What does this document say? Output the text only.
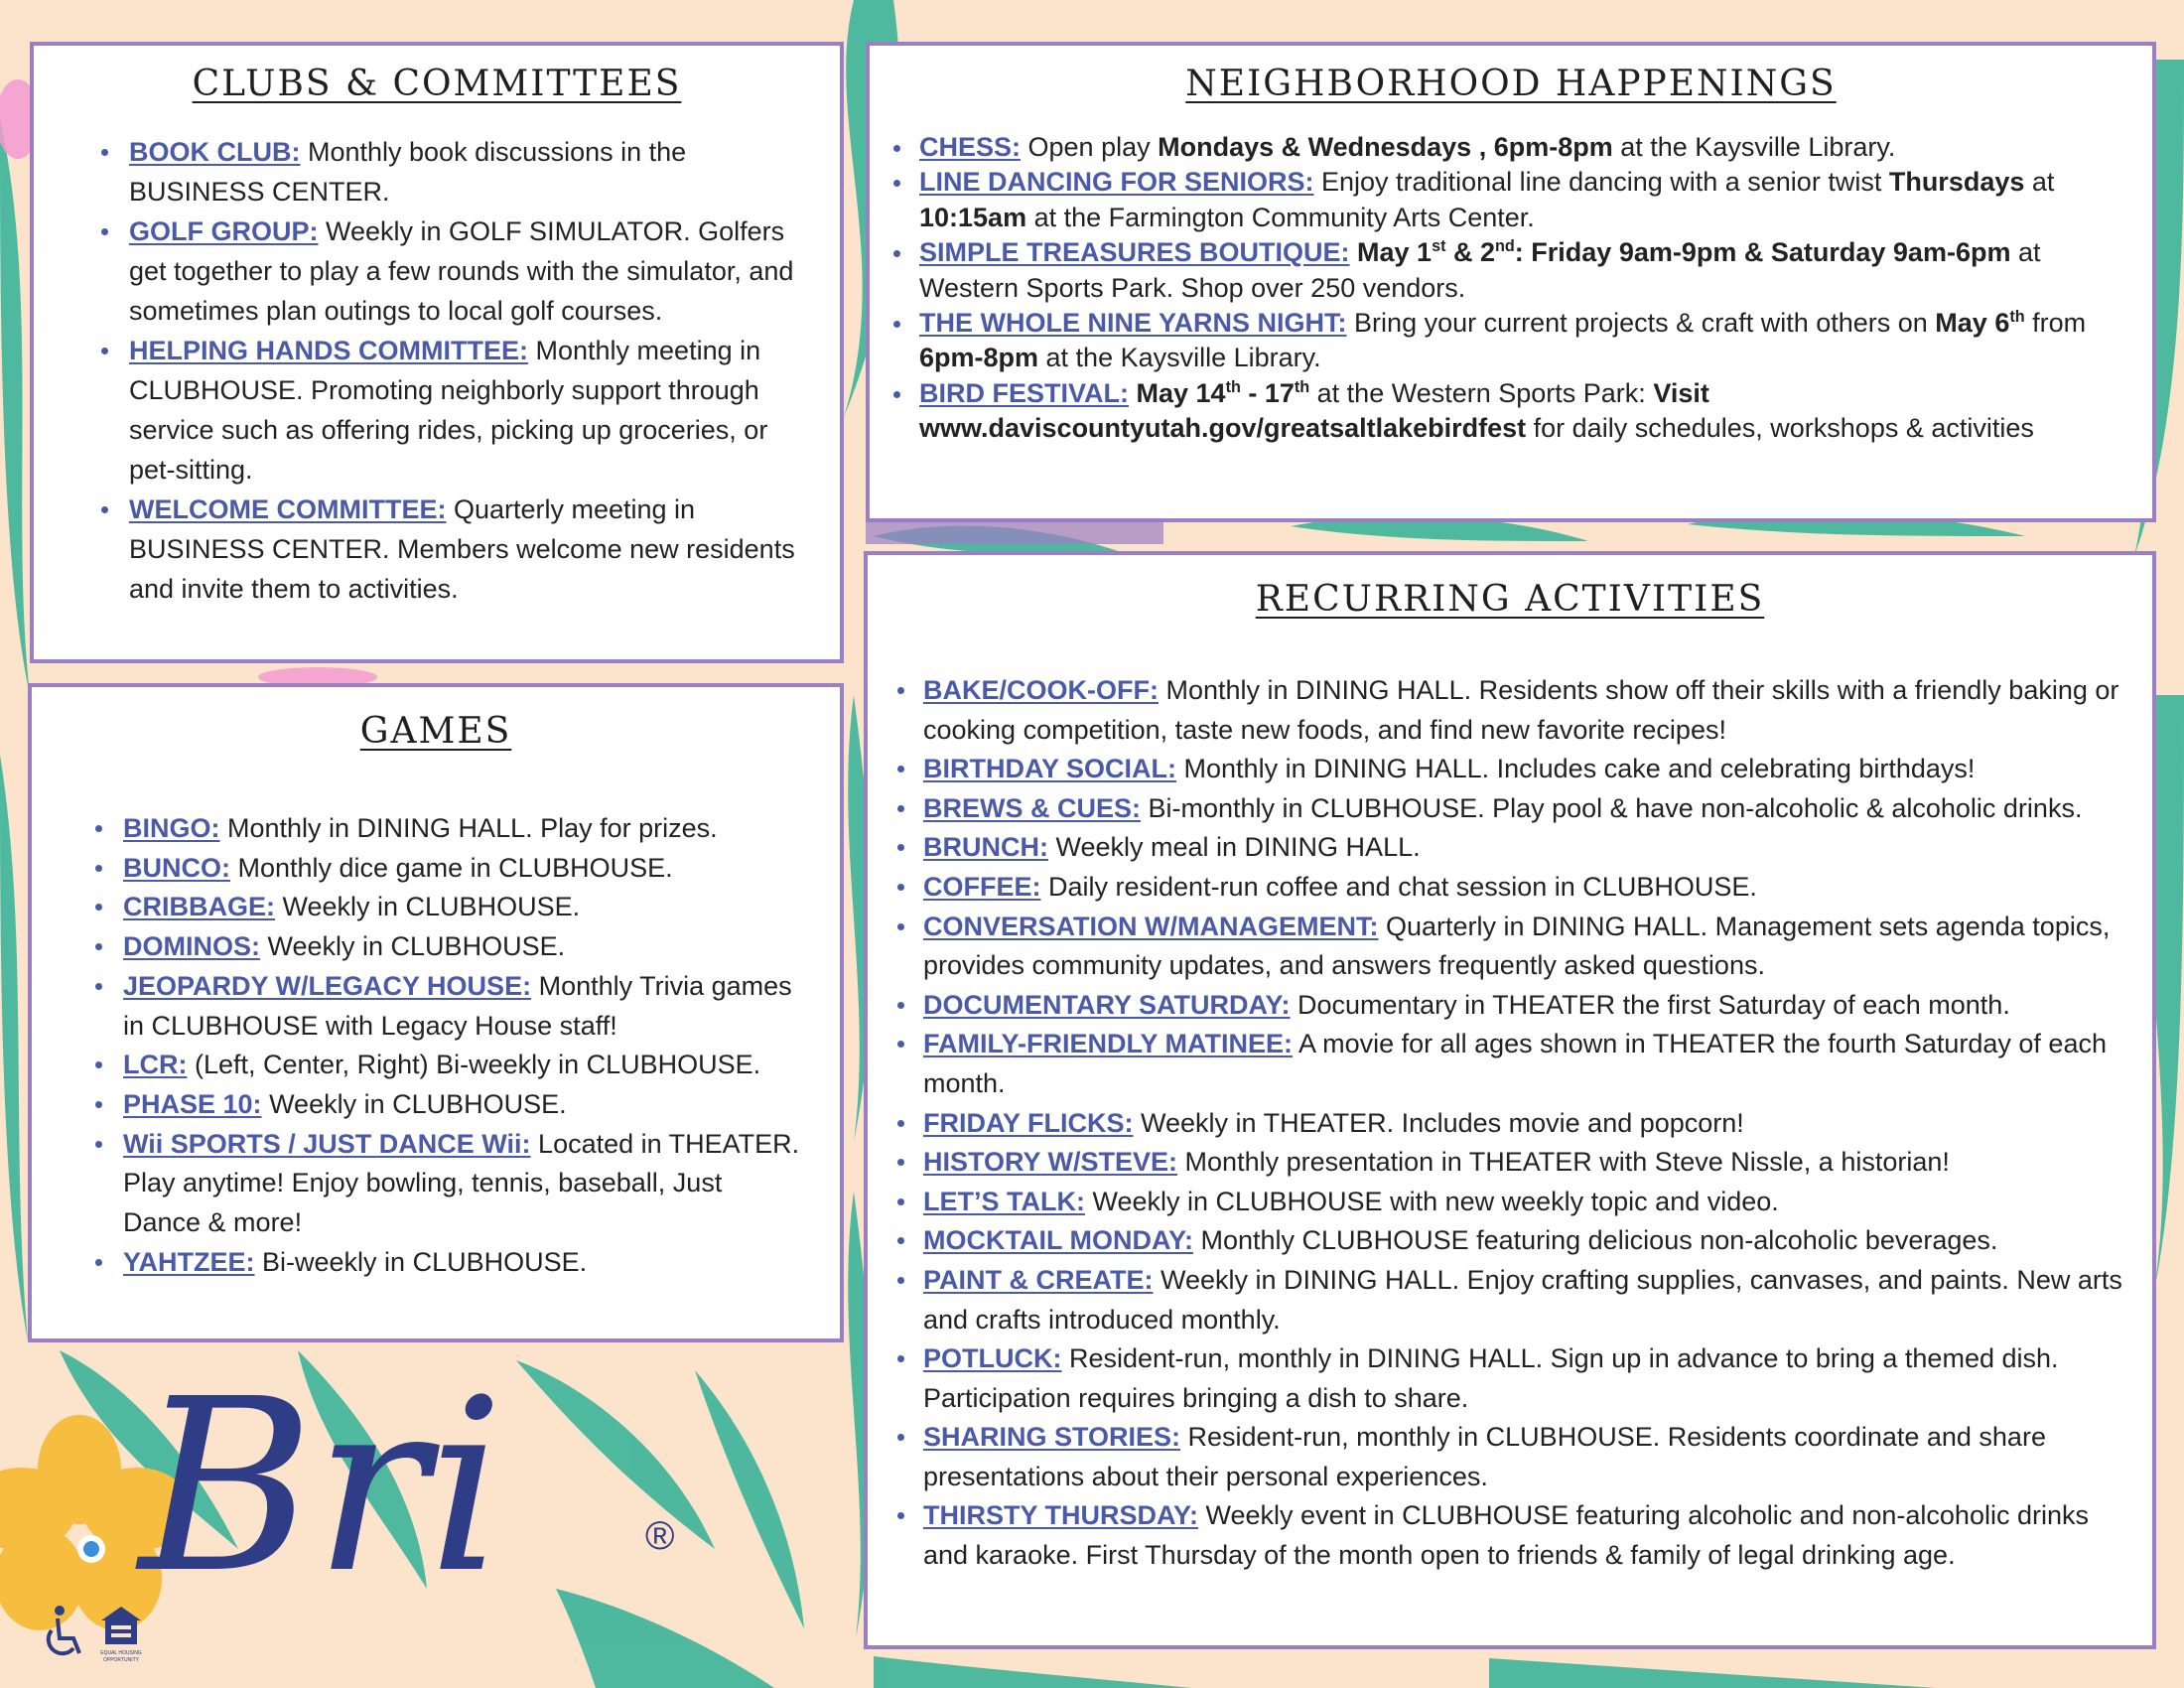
CLUBS & COMMITTEES
BOOK CLUB: Monthly book discussions in the BUSINESS CENTER.
GOLF GROUP: Weekly in GOLF SIMULATOR. Golfers get together to play a few rounds with the simulator, and sometimes plan outings to local golf courses.
HELPING HANDS COMMITTEE: Monthly meeting in CLUBHOUSE. Promoting neighborly support through service such as offering rides, picking up groceries, or pet-sitting.
WELCOME COMMITTEE: Quarterly meeting in BUSINESS CENTER. Members welcome new residents and invite them to activities.
GAMES
BINGO: Monthly in DINING HALL. Play for prizes.
BUNCO: Monthly dice game in CLUBHOUSE.
CRIBBAGE: Weekly in CLUBHOUSE.
DOMINOS: Weekly in CLUBHOUSE.
JEOPARDY W/LEGACY HOUSE: Monthly Trivia games in CLUBHOUSE with Legacy House staff!
LCR: (Left, Center, Right) Bi-weekly in CLUBHOUSE.
PHASE 10: Weekly in CLUBHOUSE.
Wii SPORTS / JUST DANCE Wii: Located in THEATER. Play anytime! Enjoy bowling, tennis, baseball, Just Dance & more!
YAHTZEE: Bi-weekly in CLUBHOUSE.
NEIGHBORHOOD HAPPENINGS
CHESS: Open play Mondays & Wednesdays , 6pm-8pm at the Kaysville Library.
LINE DANCING FOR SENIORS: Enjoy traditional line dancing with a senior twist Thursdays at 10:15am at the Farmington Community Arts Center.
SIMPLE TREASURES BOUTIQUE: May 1st & 2nd: Friday 9am-9pm & Saturday 9am-6pm at Western Sports Park. Shop over 250 vendors.
THE WHOLE NINE YARNS NIGHT: Bring your current projects & craft with others on May 6th from 6pm-8pm at the Kaysville Library.
BIRD FESTIVAL: May 14th - 17th at the Western Sports Park: Visit www.daviscountyutah.gov/greatsaltlakebirdfest for daily schedules, workshops & activities
RECURRING ACTIVITIES
BAKE/COOK-OFF: Monthly in DINING HALL. Residents show off their skills with a friendly baking or cooking competition, taste new foods, and find new favorite recipes!
BIRTHDAY SOCIAL: Monthly in DINING HALL. Includes cake and celebrating birthdays!
BREWS & CUES: Bi-monthly in CLUBHOUSE. Play pool & have non-alcoholic & alcoholic drinks.
BRUNCH: Weekly meal in DINING HALL.
COFFEE: Daily resident-run coffee and chat session in CLUBHOUSE.
CONVERSATION W/MANAGEMENT: Quarterly in DINING HALL. Management sets agenda topics, provides community updates, and answers frequently asked questions.
DOCUMENTARY SATURDAY: Documentary in THEATER the first Saturday of each month.
FAMILY-FRIENDLY MATINEE: A movie for all ages shown in THEATER the fourth Saturday of each month.
FRIDAY FLICKS: Weekly in THEATER. Includes movie and popcorn!
HISTORY W/STEVE: Monthly presentation in THEATER with Steve Nissle, a historian!
LET’S TALK: Weekly in CLUBHOUSE with new weekly topic and video.
MOCKTAIL MONDAY: Monthly CLUBHOUSE featuring delicious non-alcoholic beverages.
PAINT & CREATE: Weekly in DINING HALL. Enjoy crafting supplies, canvases, and paints. New arts and crafts introduced monthly.
POTLUCK: Resident-run, monthly in DINING HALL. Sign up in advance to bring a themed dish. Participation requires bringing a dish to share.
SHARING STORIES: Resident-run, monthly in CLUBHOUSE. Residents coordinate and share presentations about their personal experiences.
THIRSTY THURSDAY: Weekly event in CLUBHOUSE featuring alcoholic and non-alcoholic drinks and karaoke. First Thursday of the month open to friends & family of legal drinking age.
Bri	®
EQUAL HOUSING
OPPORTUNITY
